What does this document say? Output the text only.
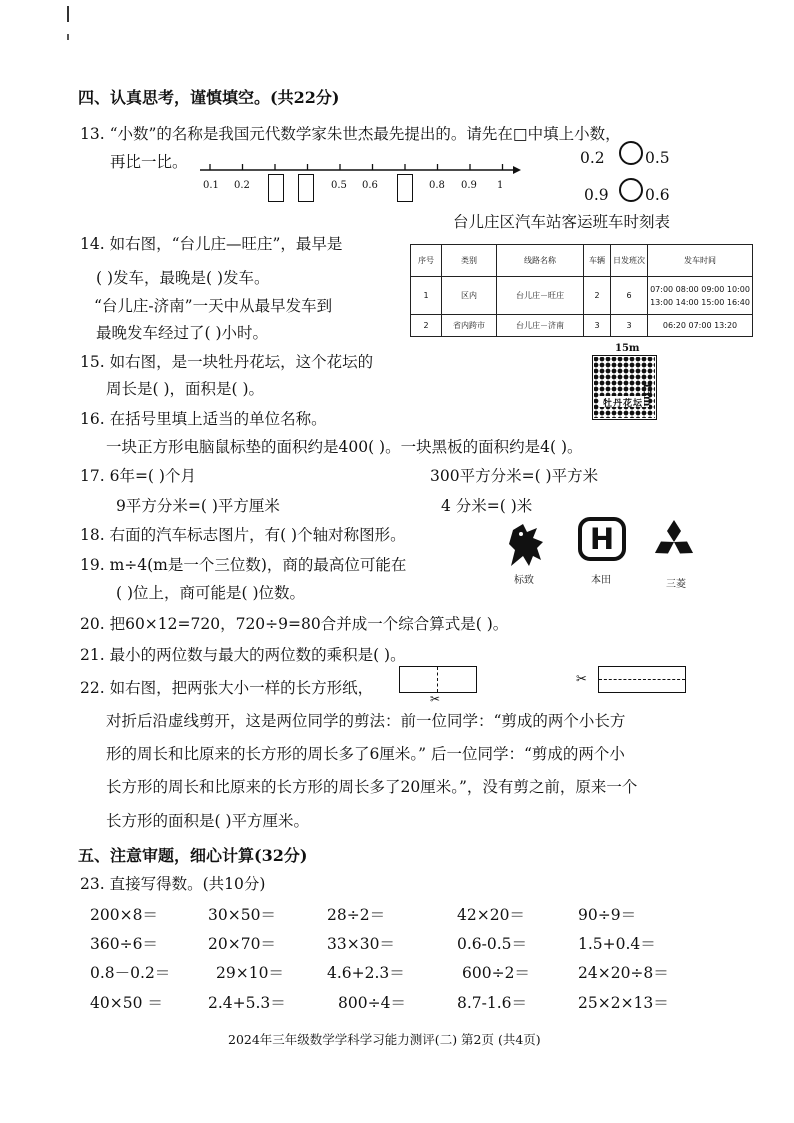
四、认真思考，谨慎填空。(共22分)
13. “小数”的名称是我国元代数学家朱世杰最先提出的。请先在□中填上小数，
再比一比。
0.1 0.2	0.5 0.6	0.8 0.9 1
0.2	0.5
0.9 0.6
台儿庄区汽车站客运班车时刻表
序号	类别	线路名称	车辆	日发班次	发车时间
1	区内	台儿庄－旺庄	2	6	07:00 08:00 09:00 10:00
13:00 14:00 15:00 16:40

2	省内跨市	台儿庄－济南	3	3	06:20 07:00 13:20
14. 如右图，“台儿庄—旺庄”，最早是
( )发车，最晚是( )发车。
“台儿庄-济南”一天中从最早发车到
最晚发车经过了( )小时。
15. 如右图，是一块牡丹花坛，这个花坛的
周长是( )，面积是( )。
15m
牡丹花坛
15m
16. 在括号里填上适当的单位名称。
一块正方形电脑鼠标垫的面积约是400( )。一块黑板的面积约是4( )。
17. 6年=( )个月	300平方分米=( )平方米
9平方分米=( )平方厘米	4 分米=( )米
18. 右面的汽车标志图片，有( )个轴对称图形。
标致
H
本田	三菱
19. m÷4(m是一个三位数)，商的最高位可能在
( )位上，商可能是( )位数。
20. 把60×12=720，720÷9=80合并成一个综合算式是( )。
21. 最小的两位数与最大的两位数的乘积是( )。
22. 如右图，把两张大小一样的长方形纸，
✂
✂
对折后沿虚线剪开，这是两位同学的剪法：前一位同学：“剪成的两个小长方
形的周长和比原来的长方形的周长多了6厘米。” 后一位同学：“剪成的两个小
长方形的周长和比原来的长方形的周长多了20厘米。”，没有剪之前，原来一个
长方形的面积是( )平方厘米。
五、注意审题，细心计算(32分)
23. 直接写得数。(共10分)
200×8＝	30×50＝	28÷2＝	42×20＝	90÷9＝
360÷6＝	20×70＝	33×30＝	0.6-0.5＝	1.5+0.4＝
0.8－0.2＝	29×10＝	4.6+2.3＝	600÷2＝	24×20÷8＝
40×50 ＝	2.4+5.3＝	800÷4＝	8.7-1.6＝	25×2×13＝
2024年三年级数学学科学习能力测评(二) 第2页 (共4页)
